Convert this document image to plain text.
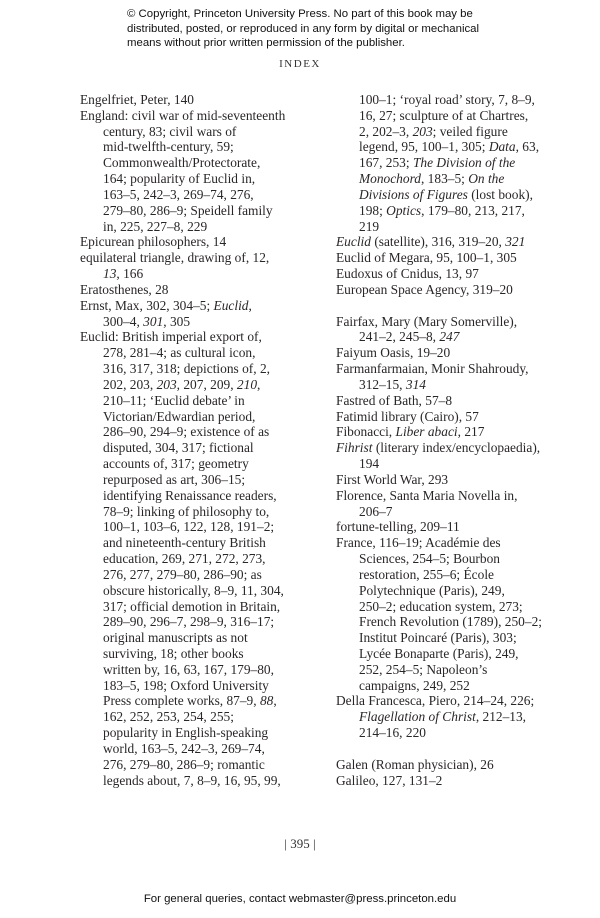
© Copyright, Princeton University Press. No part of this book may be
distributed, posted, or reproduced in any form by digital or mechanical
means without prior written permission of the publisher.
INDEX
Engelfriet, Peter, 140
England: civil war of mid-seventeenth
century, 83; civil wars of
mid-twelfth-century, 59;
Commonwealth/Protectorate,
164; popularity of Euclid in,
163–5, 242–3, 269–74, 276,
279–80, 286–9; Speidell family
in, 225, 227–8, 229
Epicurean philosophers, 14
equilateral triangle, drawing of, 12,
13, 166
Eratosthenes, 28
Ernst, Max, 302, 304–5; Euclid,
300–4, 301, 305
Euclid: British imperial export of,
278, 281–4; as cultural icon,
316, 317, 318; depictions of, 2,
202, 203, 203, 207, 209, 210,
210–11; ‘Euclid debate’ in
Victorian/Edwardian period,
286–90, 294–9; existence of as
disputed, 304, 317; fictional
accounts of, 317; geometry
repurposed as art, 306–15;
identifying Renaissance readers,
78–9; linking of philosophy to,
100–1, 103–6, 122, 128, 191–2;
and nineteenth-century British
education, 269, 271, 272, 273,
276, 277, 279–80, 286–90; as
obscure historically, 8–9, 11, 304,
317; official demotion in Britain,
289–90, 296–7, 298–9, 316–17;
original manuscripts as not
surviving, 18; other books
written by, 16, 63, 167, 179–80,
183–5, 198; Oxford University
Press complete works, 87–9, 88,
162, 252, 253, 254, 255;
popularity in English-speaking
world, 163–5, 242–3, 269–74,
276, 279–80, 286–9; romantic
legends about, 7, 8–9, 16, 95, 99,
100–1; ‘royal road’ story, 7, 8–9,
16, 27; sculpture of at Chartres,
2, 202–3, 203; veiled figure
legend, 95, 100–1, 305; Data, 63,
167, 253; The Division of the
Monochord, 183–5; On the
Divisions of Figures (lost book),
198; Optics, 179–80, 213, 217,
219
Euclid (satellite), 316, 319–20, 321
Euclid of Megara, 95, 100–1, 305
Eudoxus of Cnidus, 13, 97
European Space Agency, 319–20
Fairfax, Mary (Mary Somerville),
241–2, 245–8, 247
Faiyum Oasis, 19–20
Farmanfarmaian, Monir Shahroudy,
312–15, 314
Fastred of Bath, 57–8
Fatimid library (Cairo), 57
Fibonacci, Liber abaci, 217
Fihrist (literary index/encyclopaedia),
194
First World War, 293
Florence, Santa Maria Novella in,
206–7
fortune-telling, 209–11
France, 116–19; Académie des
Sciences, 254–5; Bourbon
restoration, 255–6; École
Polytechnique (Paris), 249,
250–2; education system, 273;
French Revolution (1789), 250–2;
Institut Poincaré (Paris), 303;
Lycée Bonaparte (Paris), 249,
252, 254–5; Napoleon’s
campaigns, 249, 252
Della Francesca, Piero, 214–24, 226;
Flagellation of Christ, 212–13,
214–16, 220
Galen (Roman physician), 26
Galileo, 127, 131–2
| 395 |
For general queries, contact webmaster@press.princeton.edu
